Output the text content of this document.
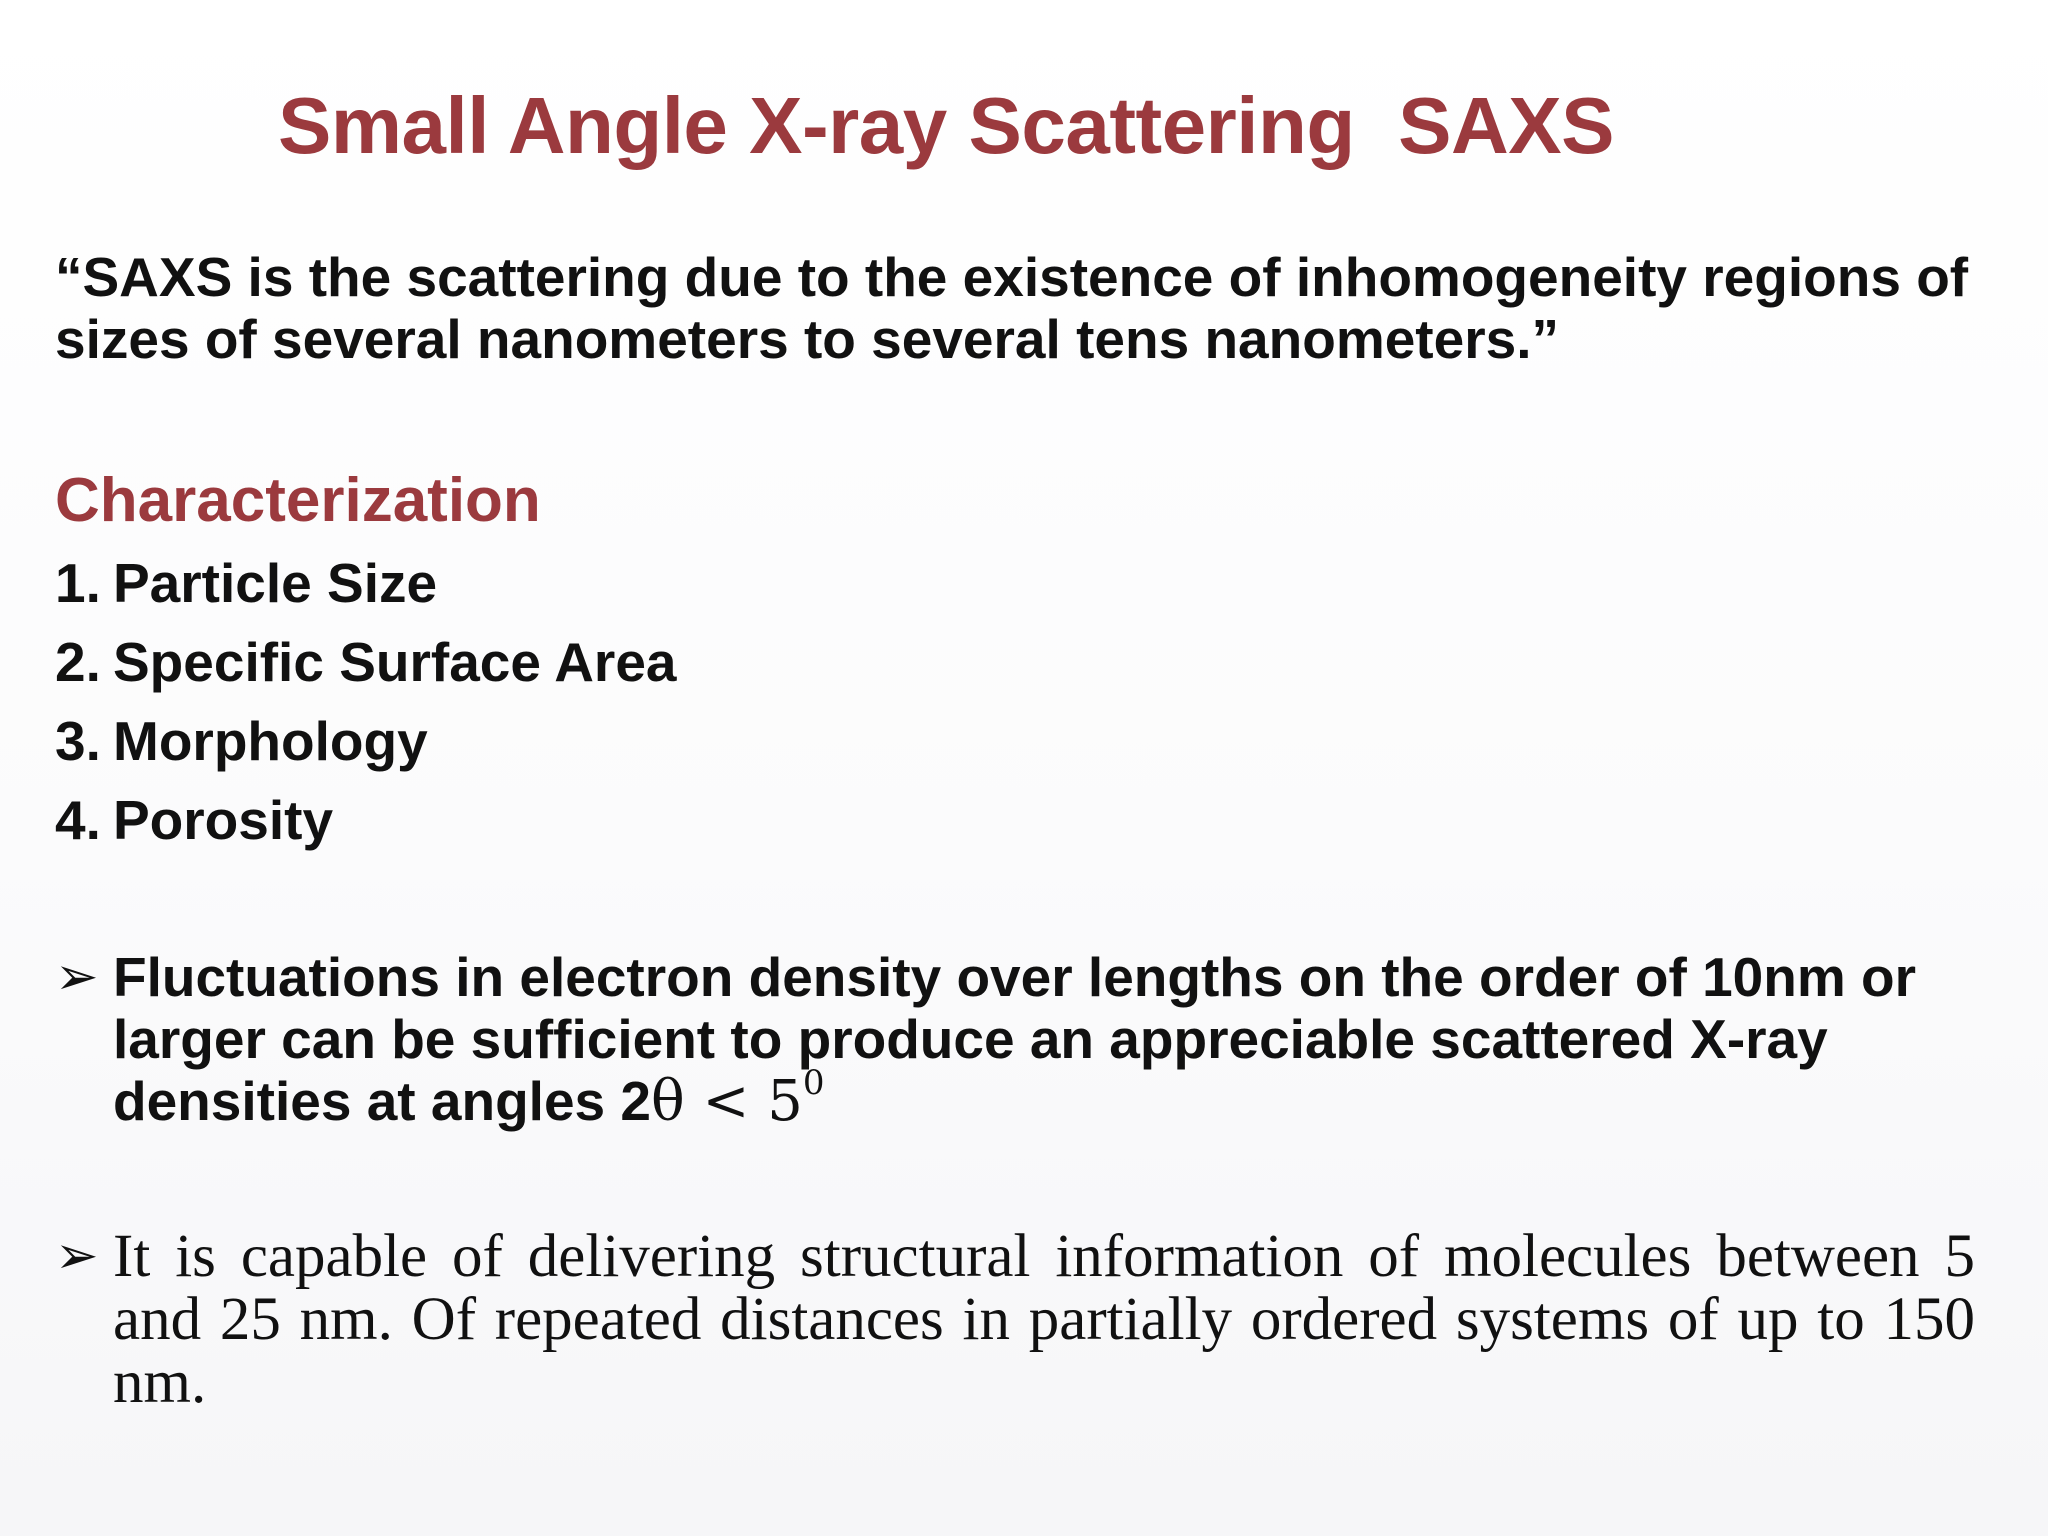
Small Angle X-ray Scattering  SAXS

“SAXS is the scattering due to the existence of inhomogeneity regions of sizes of several nanometers to several tens nanometers.”

Characterization
1. Particle Size
2. Specific Surface Area
3. Morphology
4. Porosity
➢ Fluctuations in electron density over lengths on the order of 10nm or larger can be sufficient to produce an appreciable scattered X-ray densities at angles $2\theta < 5^0$
➢ It is capable of delivering structural information of molecules between 5 and 25 nm. Of repeated distances in partially ordered systems of up to 150 nm.
